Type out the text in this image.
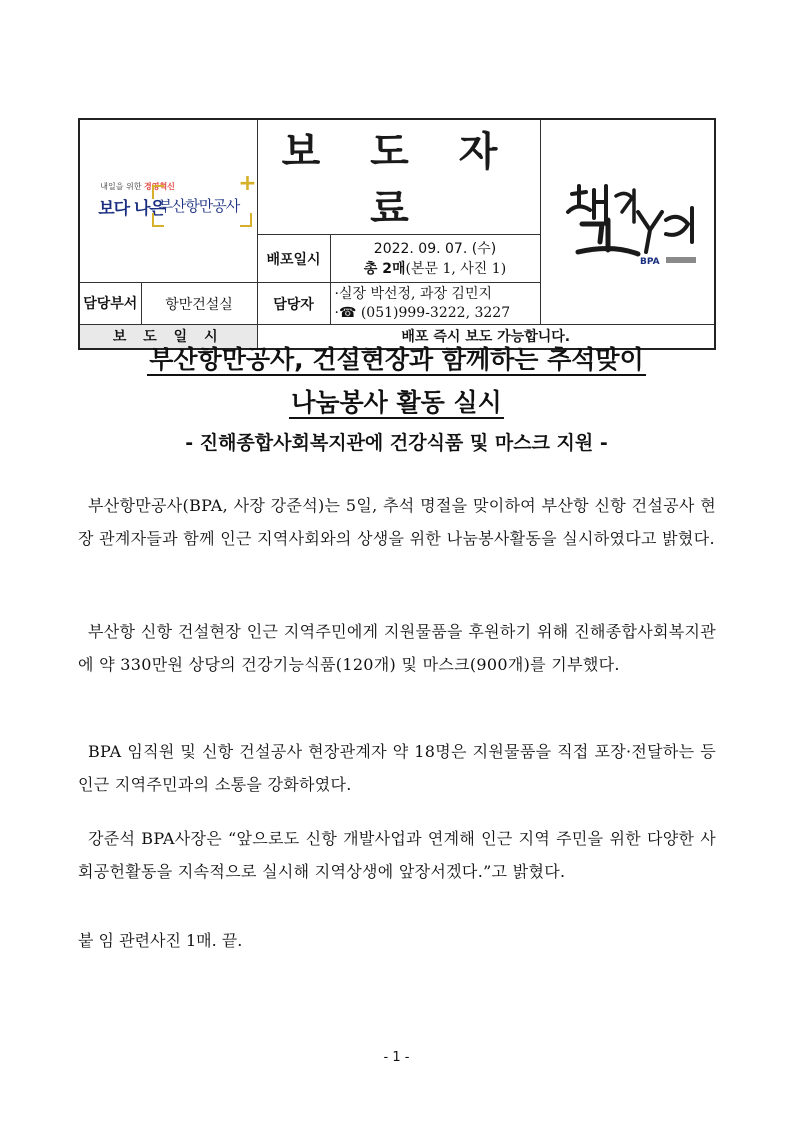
+
내일을 위한 경영혁신
보다 나은
부산항만공사		보 도 자 료		BPA

		배포일시	2022. 09. 07. (수)
총 2매(본문 1, 사진 1)	

담당부서	항만건설실	담당자	·실장 박선정, 과장 김민지
·☎ (051)999-3222, 3227	

보 도 일 시		배포 즉시 보도 가능합니다.		
부산항만공사, 건설현장과 함께하는 추석맞이
나눔봉사 활동 실시
- 진해종합사회복지관에 건강식품 및 마스크 지원 -
부산항만공사(BPA, 사장 강준석)는 5일, 추석 명절을 맞이하여 부산항 신항 건설공사 현장 관계자들과 함께 인근 지역사회와의 상생을 위한 나눔봉사활동을 실시하였다고 밝혔다.
부산항 신항 건설현장 인근 지역주민에게 지원물품을 후원하기 위해 진해종합사회복지관에 약 330만원 상당의 건강기능식품(120개) 및 마스크(900개)를 기부했다.
BPA 임직원 및 신항 건설공사 현장관계자 약 18명은 지원물품을 직접 포장·전달하는 등 인근 지역주민과의 소통을 강화하였다.
강준석 BPA사장은 “앞으로도 신항 개발사업과 연계해 인근 지역 주민을 위한 다양한 사회공헌활동을 지속적으로 실시해 지역상생에 앞장서겠다.”고 밝혔다.
붙 임 관련사진 1매. 끝.
- 1 -
